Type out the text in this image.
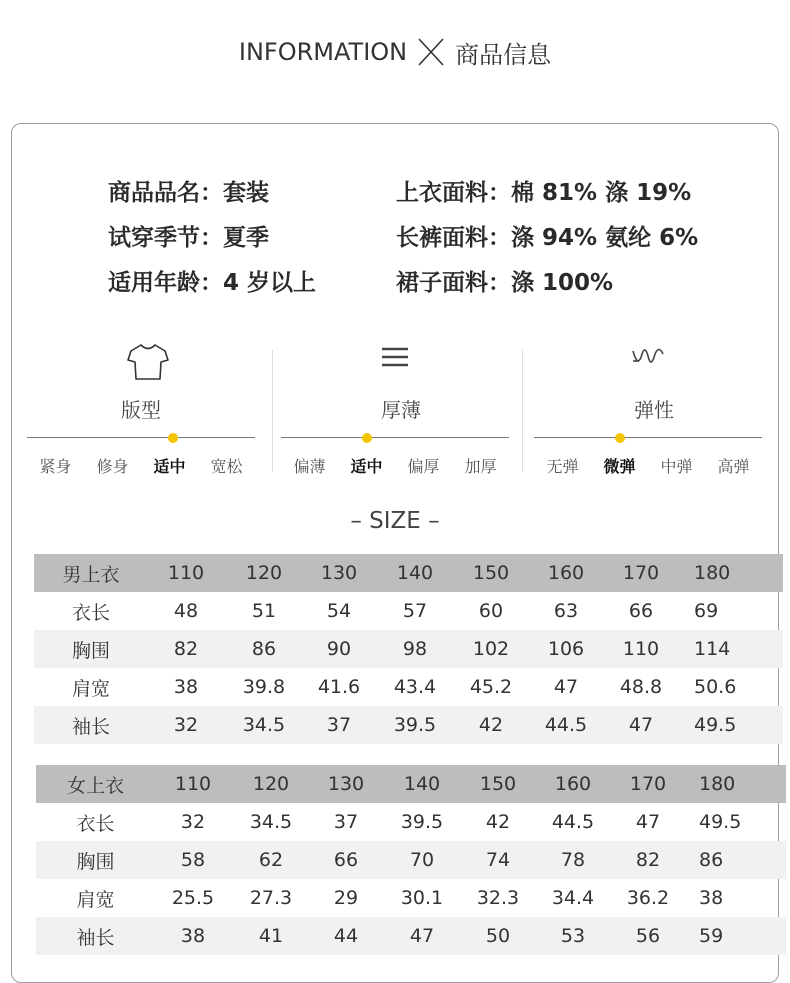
INFORMATION 商品信息
商品品名：套装
试穿季节：夏季
适用年龄：4 岁以上
上衣面料：棉 81% 涤 19%
长裤面料：涤 94% 氨纶 6%
裙子面料：涤 100%
版型
紧身 修身 适中 宽松
厚薄
偏薄 适中 偏厚 加厚
弹性
无弹 微弹 中弹 高弹
– SIZE –
男上衣	110	120	130	140	150	160	170	180
衣长	48	51	54	57	60	63	66	69
胸围	82	86	90	98	102	106	110	114
肩宽	38	39.8	41.6	43.4	45.2	47	48.8	50.6
袖长	32	34.5	37	39.5	42	44.5	47	49.5
女上衣	110	120	130	140	150	160	170	180
衣长	32	34.5	37	39.5	42	44.5	47	49.5
胸围	58	62	66	70	74	78	82	86
肩宽	25.5	27.3	29	30.1	32.3	34.4	36.2	38
袖长	38	41	44	47	50	53	56	59
